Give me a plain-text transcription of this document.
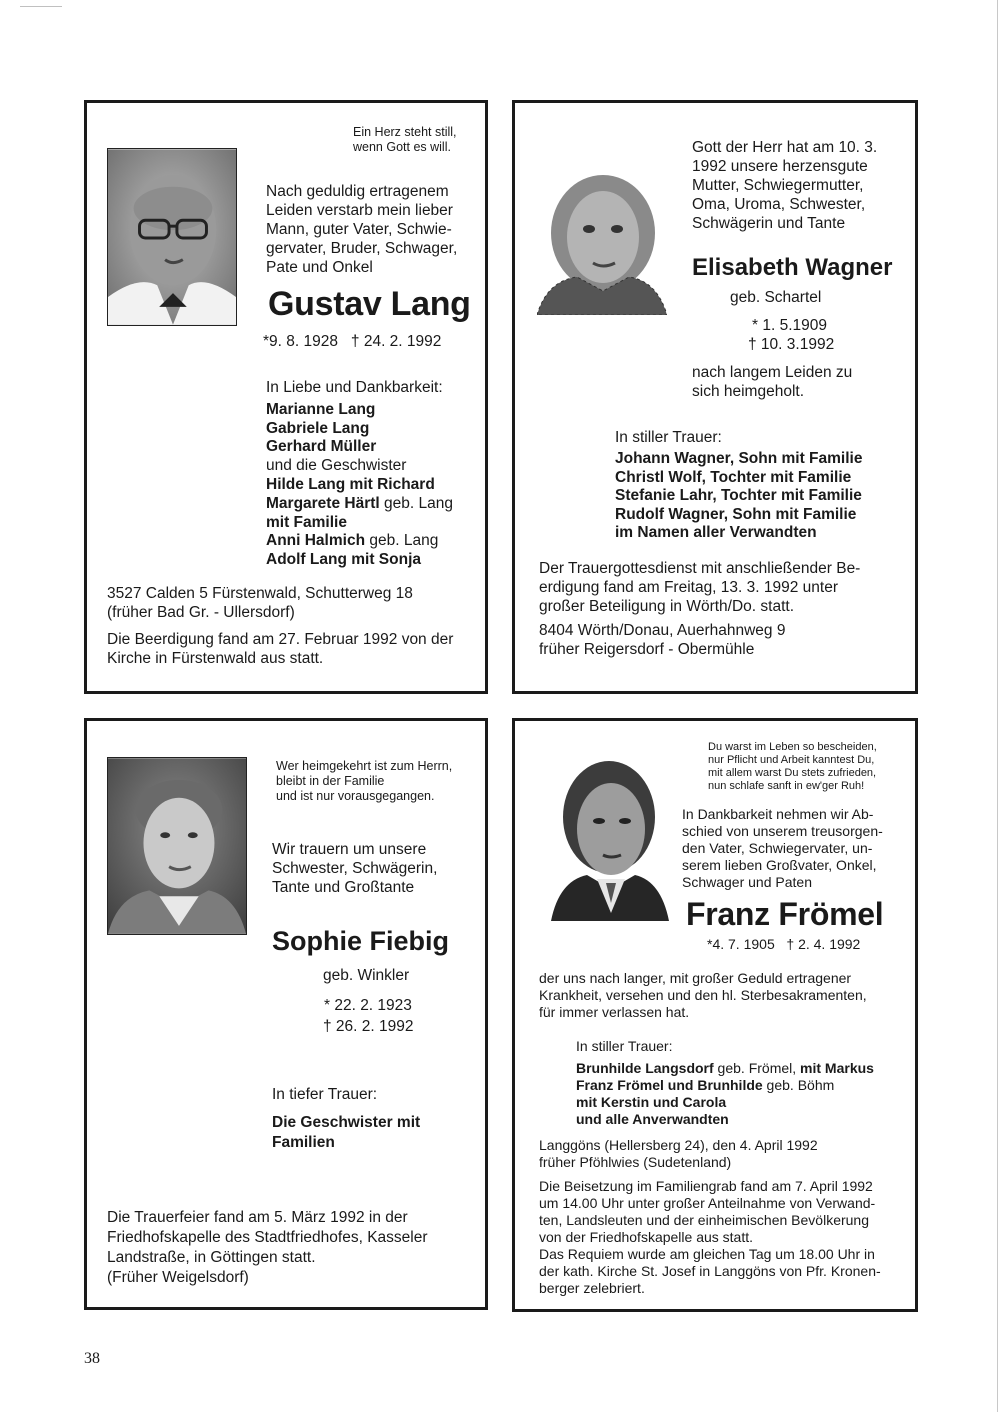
Ein Herz steht still,
wenn Gott es will.
Nach geduldig ertragenem
Leiden verstarb mein lieber
Mann, guter Vater, Schwie-
gervater, Bruder, Schwager,
Pate und Onkel
Gustav Lang
*9. 8. 1928   † 24. 2. 1992
In Liebe und Dankbarkeit:
Marianne Lang
Gabriele Lang
Gerhard Müller
und die Geschwister
Hilde Lang mit Richard
Margarete Härtl geb. Lang
mit Familie
Anni Halmich geb. Lang
Adolf Lang mit Sonja
3527 Calden 5 Fürstenwald, Schutterweg 18
(früher Bad Gr. - Ullersdorf)
Die Beerdigung fand am 27. Februar 1992 von der
Kirche in Fürstenwald aus statt.
Gott der Herr hat am 10. 3.
1992 unsere herzensgute
Mutter, Schwiegermutter,
Oma, Uroma, Schwester,
Schwägerin und Tante
Elisabeth Wagner
geb. Schartel
* 1. 5.1909
† 10. 3.1992
nach langem Leiden zu
sich heimgeholt.
In stiller Trauer:
Johann Wagner, Sohn mit Familie
Christl Wolf, Tochter mit Familie
Stefanie Lahr, Tochter mit Familie
Rudolf Wagner, Sohn mit Familie
im Namen aller Verwandten
Der Trauergottesdienst mit anschließender Be-
erdigung fand am Freitag, 13. 3. 1992 unter
großer Beteiligung in Wörth/Do. statt.
8404 Wörth/Donau, Auerhahnweg 9
früher Reigersdorf - Obermühle
Wer heimgekehrt ist zum Herrn,
bleibt in der Familie
und ist nur vorausgegangen.
Wir trauern um unsere
Schwester, Schwägerin,
Tante und Großtante
Sophie Fiebig
geb. Winkler
* 22. 2. 1923
† 26. 2. 1992
In tiefer Trauer:
Die Geschwister mit
Familien
Die Trauerfeier fand am 5. März 1992 in der
Friedhofskapelle des Stadtfriedhofes, Kasseler
Landstraße, in Göttingen statt.
(Früher Weigelsdorf)
Du warst im Leben so bescheiden,
nur Pflicht und Arbeit kanntest Du,
mit allem warst Du stets zufrieden,
nun schlafe sanft in ew'ger Ruh!
In Dankbarkeit nehmen wir Ab-
schied von unserem treusorgen-
den Vater, Schwiegervater, un-
serem lieben Großvater, Onkel,
Schwager und Paten
Franz Frömel
*4. 7. 1905   † 2. 4. 1992
der uns nach langer, mit großer Geduld ertragener
Krankheit, versehen und den hl. Sterbesakramenten,
für immer verlassen hat.
In stiller Trauer:
Brunhilde Langsdorf geb. Frömel, mit Markus
Franz Frömel und Brunhilde geb. Böhm
mit Kerstin und Carola
und alle Anverwandten
Langgöns (Hellersberg 24), den 4. April 1992
früher Pföhlwies (Sudetenland)
Die Beisetzung im Familiengrab fand am 7. April 1992
um 14.00 Uhr unter großer Anteilnahme von Verwand-
ten, Landsleuten und der einheimischen Bevölkerung
von der Friedhofskapelle aus statt.
Das Requiem wurde am gleichen Tag um 18.00 Uhr in
der kath. Kirche St. Josef in Langgöns von Pfr. Kronen-
berger zelebriert.
38
